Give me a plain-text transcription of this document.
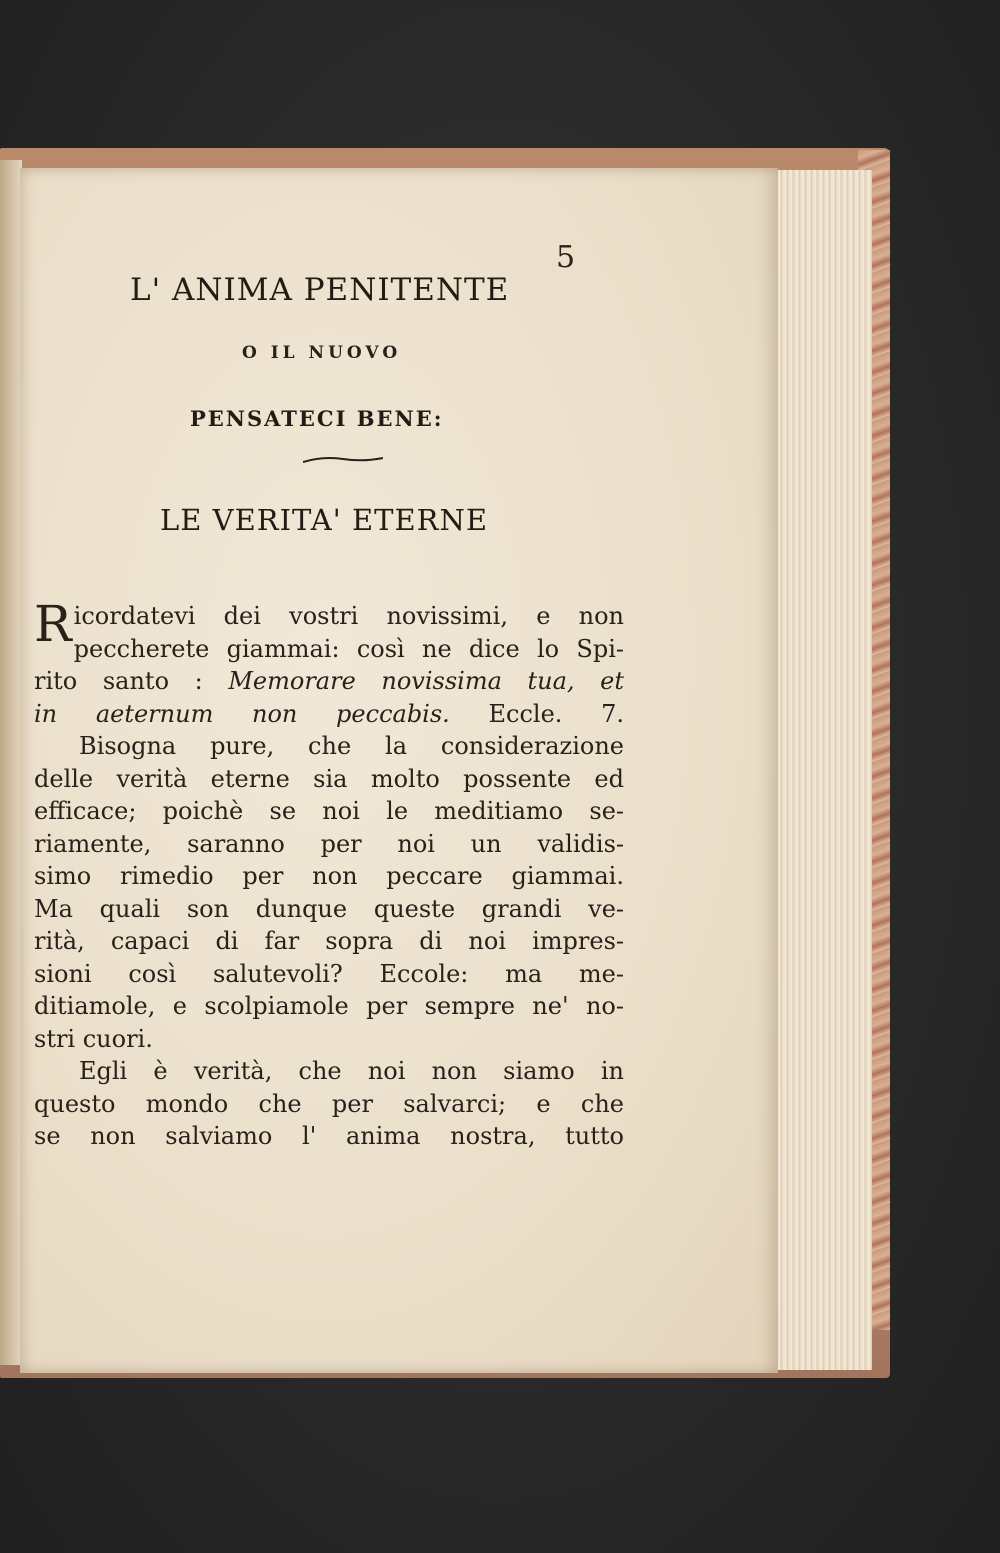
5
L' ANIMA PENITENTE
O IL NUOVO
PENSATECI BENE:
LE VERITA' ETERNE
R icordatevi dei vostri novissimi, e non
peccherete giammai: così ne dice lo Spi-
rito santo : Memorare novissima tua, et
in aeternum non peccabis. Eccle. 7.
Bisogna pure, che la considerazione
delle verità eterne sia molto possente ed
efficace; poichè se noi le meditiamo se-
riamente, saranno per noi un validis-
simo rimedio per non peccare giammai.
Ma quali son dunque queste grandi ve-
rità, capaci di far sopra di noi impres-
sioni così salutevoli? Eccole: ma me-
ditiamole, e scolpiamole per sempre ne' no-
stri cuori.
Egli è verità, che noi non siamo in
questo mondo che per salvarci; e che
se non salviamo l' anima nostra, tutto
